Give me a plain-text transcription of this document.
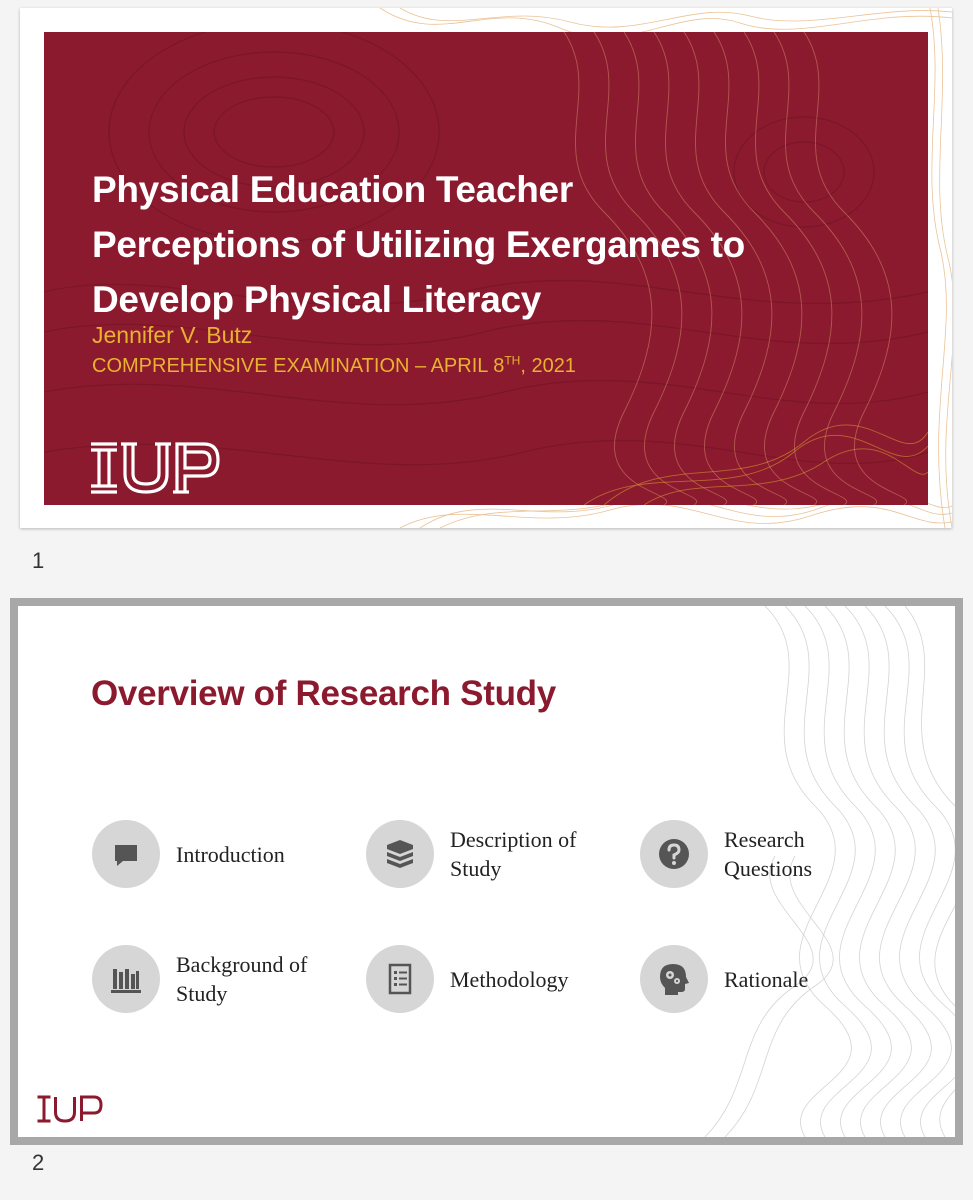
Physical Education Teacher
Perceptions of Utilizing Exergames to
Develop Physical Literacy
Jennifer V. Butz
COMPREHENSIVE EXAMINATION – APRIL 8TH, 2021
1
Overview of Research Study
Introduction
Description of Study
Research Questions
Background of Study
Methodology	Rationale
2
